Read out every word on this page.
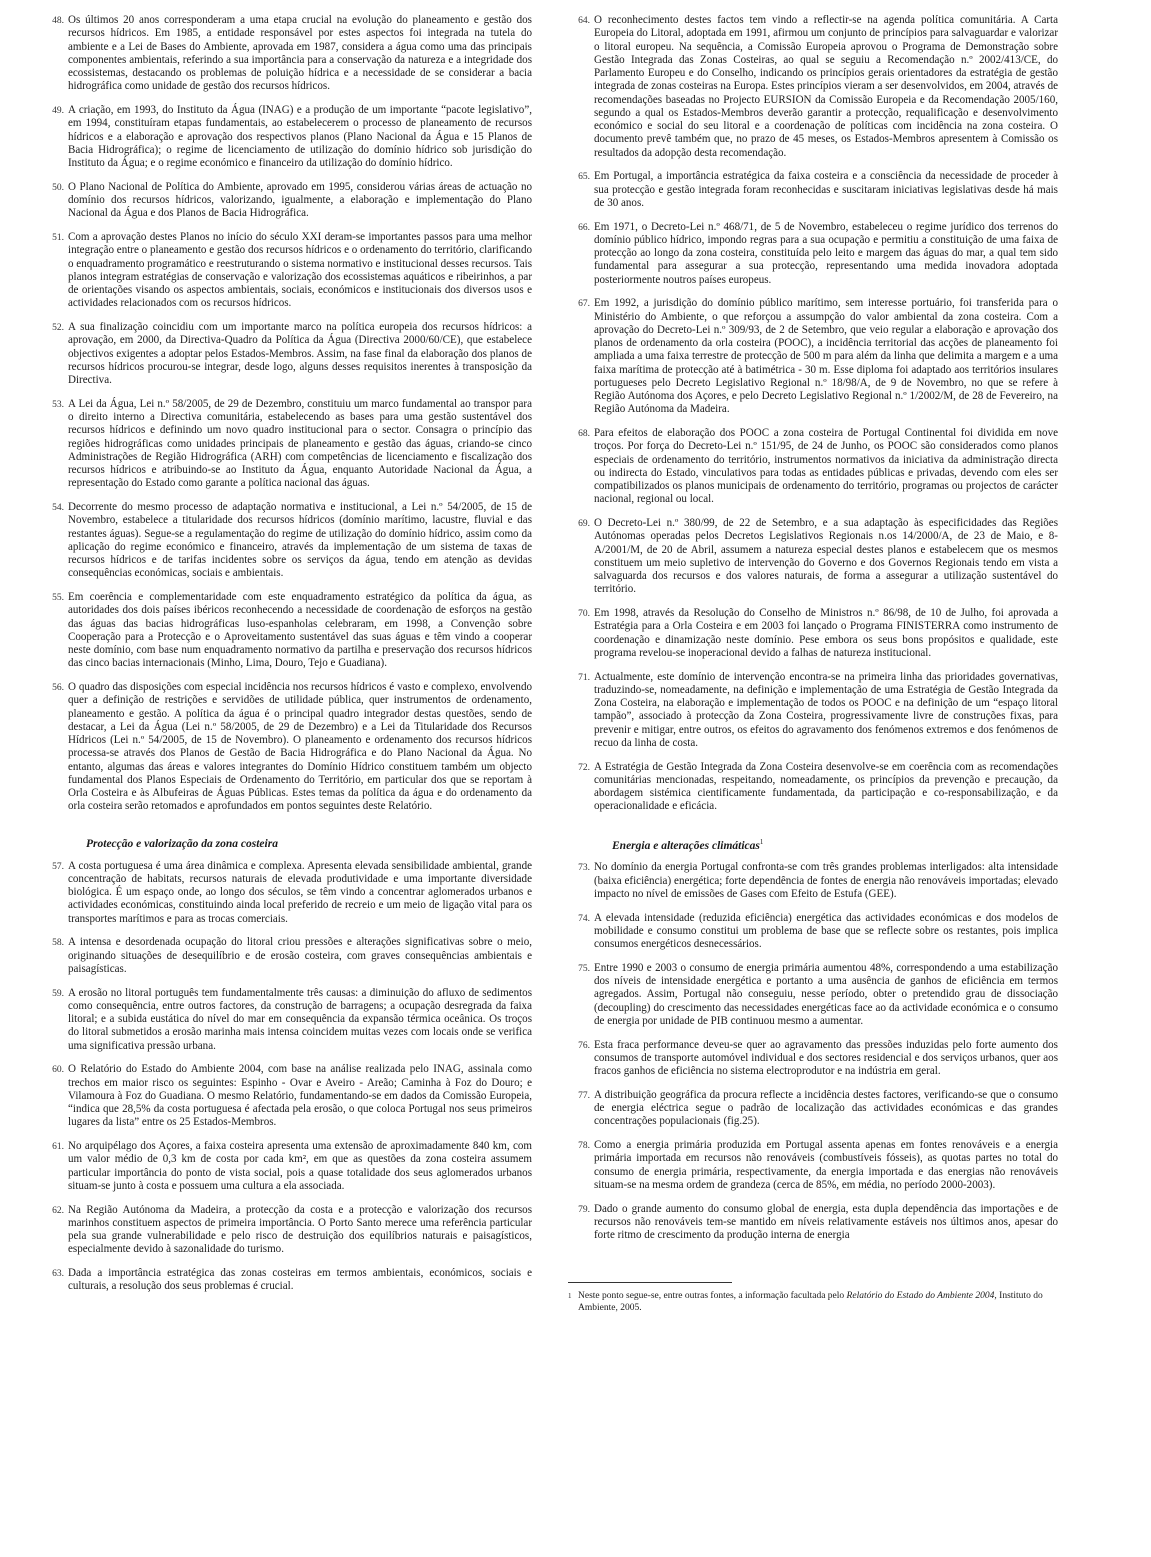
48. Os últimos 20 anos corresponderam a uma etapa crucial na evolução do planeamento e gestão dos recursos hídricos. Em 1985, a entidade responsável por estes aspectos foi integrada na tutela do ambiente e a Lei de Bases do Ambiente, aprovada em 1987, considera a água como uma das principais componentes ambientais, referindo a sua importância para a conservação da natureza e a integridade dos ecossistemas, destacando os problemas de poluição hídrica e a necessidade de se considerar a bacia hidrográfica como unidade de gestão dos recursos hídricos.
49. A criação, em 1993, do Instituto da Água (INAG) e a produção de um importante “pacote legislativo”, em 1994, constituíram etapas fundamentais, ao estabelecerem o processo de planeamento de recursos hídricos e a elaboração e aprovação dos respectivos planos (Plano Nacional da Água e 15 Planos de Bacia Hidrográfica); o regime de licenciamento de utilização do domínio hídrico sob jurisdição do Instituto da Água; e o regime económico e financeiro da utilização do domínio hídrico.
50. O Plano Nacional de Política do Ambiente, aprovado em 1995, considerou várias áreas de actuação no domínio dos recursos hídricos, valorizando, igualmente, a elaboração e implementação do Plano Nacional da Água e dos Planos de Bacia Hidrográfica.
51. Com a aprovação destes Planos no início do século XXI deram-se importantes passos para uma melhor integração entre o planeamento e gestão dos recursos hídricos e o ordenamento do território, clarificando o enquadramento programático e reestruturando o sistema normativo e institucional desses recursos. Tais planos integram estratégias de conservação e valorização dos ecossistemas aquáticos e ribeirinhos, a par de orientações visando os aspectos ambientais, sociais, económicos e institucionais dos diversos usos e actividades relacionados com os recursos hídricos.
52. A sua finalização coincidiu com um importante marco na política europeia dos recursos hídricos: a aprovação, em 2000, da Directiva-Quadro da Política da Água (Directiva 2000/60/CE), que estabelece objectivos exigentes a adoptar pelos Estados-Membros. Assim, na fase final da elaboração dos planos de recursos hídricos procurou-se integrar, desde logo, alguns desses requisitos inerentes à transposição da Directiva.
53. A Lei da Água, Lei n.º 58/2005, de 29 de Dezembro, constituiu um marco fundamental ao transpor para o direito interno a Directiva comunitária, estabelecendo as bases para uma gestão sustentável dos recursos hídricos e definindo um novo quadro institucional para o sector. Consagra o princípio das regiões hidrográficas como unidades principais de planeamento e gestão das águas, criando-se cinco Administrações de Região Hidrográfica (ARH) com competências de licenciamento e fiscalização dos recursos hídricos e atribuindo-se ao Instituto da Água, enquanto Autoridade Nacional da Água, a representação do Estado como garante a política nacional das águas.
54. Decorrente do mesmo processo de adaptação normativa e institucional, a Lei n.º 54/2005, de 15 de Novembro, estabelece a titularidade dos recursos hídricos (domínio marítimo, lacustre, fluvial e das restantes águas). Segue-se a regulamentação do regime de utilização do domínio hídrico, assim como da aplicação do regime económico e financeiro, através da implementação de um sistema de taxas de recursos hídricos e de tarifas incidentes sobre os serviços da água, tendo em atenção as devidas consequências económicas, sociais e ambientais.
55. Em coerência e complementaridade com este enquadramento estratégico da política da água, as autoridades dos dois países ibéricos reconhecendo a necessidade de coordenação de esforços na gestão das águas das bacias hidrográficas luso-espanholas celebraram, em 1998, a Convenção sobre Cooperação para a Protecção e o Aproveitamento sustentável das suas águas e têm vindo a cooperar neste domínio, com base num enquadramento normativo da partilha e preservação dos recursos hídricos das cinco bacias internacionais (Minho, Lima, Douro, Tejo e Guadiana).
56. O quadro das disposições com especial incidência nos recursos hídricos é vasto e complexo, envolvendo quer a definição de restrições e servidões de utilidade pública, quer instrumentos de ordenamento, planeamento e gestão. A política da água é o principal quadro integrador destas questões, sendo de destacar, a Lei da Água (Lei n.º 58/2005, de 29 de Dezembro) e a Lei da Titularidade dos Recursos Hídricos (Lei n.º 54/2005, de 15 de Novembro). O planeamento e ordenamento dos recursos hídricos processa-se através dos Planos de Gestão de Bacia Hidrográfica e do Plano Nacional da Água. No entanto, algumas das áreas e valores integrantes do Domínio Hídrico constituem também um objecto fundamental dos Planos Especiais de Ordenamento do Território, em particular dos que se reportam à Orla Costeira e às Albufeiras de Águas Públicas. Estes temas da política da água e do ordenamento da orla costeira serão retomados e aprofundados em pontos seguintes deste Relatório.
Protecção e valorização da zona costeira
57. A costa portuguesa é uma área dinâmica e complexa. Apresenta elevada sensibilidade ambiental, grande concentração de habitats, recursos naturais de elevada produtividade e uma importante diversidade biológica. É um espaço onde, ao longo dos séculos, se têm vindo a concentrar aglomerados urbanos e actividades económicas, constituindo ainda local preferido de recreio e um meio de ligação vital para os transportes marítimos e para as trocas comerciais.
58. A intensa e desordenada ocupação do litoral criou pressões e alterações significativas sobre o meio, originando situações de desequilíbrio e de erosão costeira, com graves consequências ambientais e paisagísticas.
59. A erosão no litoral português tem fundamentalmente três causas: a diminuição do afluxo de sedimentos como consequência, entre outros factores, da construção de barragens; a ocupação desregrada da faixa litoral; e a subida eustática do nível do mar em consequência da expansão térmica oceânica. Os troços do litoral submetidos a erosão marinha mais intensa coincidem muitas vezes com locais onde se verifica uma significativa pressão urbana.
60. O Relatório do Estado do Ambiente 2004, com base na análise realizada pelo INAG, assinala como trechos em maior risco os seguintes: Espinho - Ovar e Aveiro - Areão; Caminha à Foz do Douro; e Vilamoura à Foz do Guadiana. O mesmo Relatório, fundamentando-se em dados da Comissão Europeia, “indica que 28,5% da costa portuguesa é afectada pela erosão, o que coloca Portugal nos seus primeiros lugares da lista” entre os 25 Estados-Membros.
61. No arquipélago dos Açores, a faixa costeira apresenta uma extensão de aproximadamente 840 km, com um valor médio de 0,3 km de costa por cada km², em que as questões da zona costeira assumem particular importância do ponto de vista social, pois a quase totalidade dos seus aglomerados urbanos situam-se junto à costa e possuem uma cultura a ela associada.
62. Na Região Autónoma da Madeira, a protecção da costa e a protecção e valorização dos recursos marinhos constituem aspectos de primeira importância. O Porto Santo merece uma referência particular pela sua grande vulnerabilidade e pelo risco de destruição dos equilíbrios naturais e paisagísticos, especialmente devido à sazonalidade do turismo.
63. Dada a importância estratégica das zonas costeiras em termos ambientais, económicos, sociais e culturais, a resolução dos seus problemas é crucial.
64. O reconhecimento destes factos tem vindo a reflectir-se na agenda política comunitária. A Carta Europeia do Litoral, adoptada em 1991, afirmou um conjunto de princípios para salvaguardar e valorizar o litoral europeu. Na sequência, a Comissão Europeia aprovou o Programa de Demonstração sobre Gestão Integrada das Zonas Costeiras, ao qual se seguiu a Recomendação n.º 2002/413/CE, do Parlamento Europeu e do Conselho, indicando os princípios gerais orientadores da estratégia de gestão integrada de zonas costeiras na Europa. Estes princípios vieram a ser desenvolvidos, em 2004, através de recomendações baseadas no Projecto EURSION da Comissão Europeia e da Recomendação 2005/160, segundo a qual os Estados-Membros deverão garantir a protecção, requalificação e desenvolvimento económico e social do seu litoral e a coordenação de políticas com incidência na zona costeira. O documento prevê também que, no prazo de 45 meses, os Estados-Membros apresentem à Comissão os resultados da adopção desta recomendação.
65. Em Portugal, a importância estratégica da faixa costeira e a consciência da necessidade de proceder à sua protecção e gestão integrada foram reconhecidas e suscitaram iniciativas legislativas desde há mais de 30 anos.
66. Em 1971, o Decreto-Lei n.º 468/71, de 5 de Novembro, estabeleceu o regime jurídico dos terrenos do domínio público hídrico, impondo regras para a sua ocupação e permitiu a constituição de uma faixa de protecção ao longo da zona costeira, constituída pelo leito e margem das águas do mar, a qual tem sido fundamental para assegurar a sua protecção, representando uma medida inovadora adoptada posteriormente noutros países europeus.
67. Em 1992, a jurisdição do domínio público marítimo, sem interesse portuário, foi transferida para o Ministério do Ambiente, o que reforçou a assumpção do valor ambiental da zona costeira. Com a aprovação do Decreto-Lei n.º 309/93, de 2 de Setembro, que veio regular a elaboração e aprovação dos planos de ordenamento da orla costeira (POOC), a incidência territorial das acções de planeamento foi ampliada a uma faixa terrestre de protecção de 500 m para além da linha que delimita a margem e a uma faixa marítima de protecção até à batimétrica - 30 m. Esse diploma foi adaptado aos territórios insulares portugueses pelo Decreto Legislativo Regional n.º 18/98/A, de 9 de Novembro, no que se refere à Região Autónoma dos Açores, e pelo Decreto Legislativo Regional n.º 1/2002/M, de 28 de Fevereiro, na Região Autónoma da Madeira.
68. Para efeitos de elaboração dos POOC a zona costeira de Portugal Continental foi dividida em nove troços. Por força do Decreto-Lei n.º 151/95, de 24 de Junho, os POOC são considerados como planos especiais de ordenamento do território, instrumentos normativos da iniciativa da administração directa ou indirecta do Estado, vinculativos para todas as entidades públicas e privadas, devendo com eles ser compatibilizados os planos municipais de ordenamento do território, programas ou projectos de carácter nacional, regional ou local.
69. O Decreto-Lei n.º 380/99, de 22 de Setembro, e a sua adaptação às especificidades das Regiões Autónomas operadas pelos Decretos Legislativos Regionais n.os 14/2000/A, de 23 de Maio, e 8-A/2001/M, de 20 de Abril, assumem a natureza especial destes planos e estabelecem que os mesmos constituem um meio supletivo de intervenção do Governo e dos Governos Regionais tendo em vista a salvaguarda dos recursos e dos valores naturais, de forma a assegurar a utilização sustentável do território.
70. Em 1998, através da Resolução do Conselho de Ministros n.º 86/98, de 10 de Julho, foi aprovada a Estratégia para a Orla Costeira e em 2003 foi lançado o Programa FINISTERRA como instrumento de coordenação e dinamização neste domínio. Pese embora os seus bons propósitos e qualidade, este programa revelou-se inoperacional devido a falhas de natureza institucional.
71. Actualmente, este domínio de intervenção encontra-se na primeira linha das prioridades governativas, traduzindo-se, nomeadamente, na definição e implementação de uma Estratégia de Gestão Integrada da Zona Costeira, na elaboração e implementação de todos os POOC e na definição de um “espaço litoral tampão”, associado à protecção da Zona Costeira, progressivamente livre de construções fixas, para prevenir e mitigar, entre outros, os efeitos do agravamento dos fenómenos extremos e dos fenómenos de recuo da linha de costa.
72. A Estratégia de Gestão Integrada da Zona Costeira desenvolve-se em coerência com as recomendações comunitárias mencionadas, respeitando, nomeadamente, os princípios da prevenção e precaução, da abordagem sistémica cientificamente fundamentada, da participação e co-responsabilização, e da operacionalidade e eficácia.
Energia e alterações climáticas$^1$
73. No domínio da energia Portugal confronta-se com três grandes problemas interligados: alta intensidade (baixa eficiência) energética; forte dependência de fontes de energia não renováveis importadas; elevado impacto no nível de emissões de Gases com Efeito de Estufa (GEE).
74. A elevada intensidade (reduzida eficiência) energética das actividades económicas e dos modelos de mobilidade e consumo constitui um problema de base que se reflecte sobre os restantes, pois implica consumos energéticos desnecessários.
75. Entre 1990 e 2003 o consumo de energia primária aumentou 48%, correspondendo a uma estabilização dos níveis de intensidade energética e portanto a uma ausência de ganhos de eficiência em termos agregados. Assim, Portugal não conseguiu, nesse período, obter o pretendido grau de dissociação (decoupling) do crescimento das necessidades energéticas face ao da actividade económica e o consumo de energia por unidade de PIB continuou mesmo a aumentar.
76. Esta fraca performance deveu-se quer ao agravamento das pressões induzidas pelo forte aumento dos consumos de transporte automóvel individual e dos sectores residencial e dos serviços urbanos, quer aos fracos ganhos de eficiência no sistema electroprodutor e na indústria em geral.
77. A distribuição geográfica da procura reflecte a incidência destes factores, verificando-se que o consumo de energia eléctrica segue o padrão de localização das actividades económicas e das grandes concentrações populacionais (fig.25).
78. Como a energia primária produzida em Portugal assenta apenas em fontes renováveis e a energia primária importada em recursos não renováveis (combustíveis fósseis), as quotas partes no total do consumo de energia primária, respectivamente, da energia importada e das energias não renováveis situam-se na mesma ordem de grandeza (cerca de 85%, em média, no período 2000-2003).
79. Dado o grande aumento do consumo global de energia, esta dupla dependência das importações e de recursos não renováveis tem-se mantido em níveis relativamente estáveis nos últimos anos, apesar do forte ritmo de crescimento da produção interna de energia
1 Neste ponto segue-se, entre outras fontes, a informação facultada pelo Relatório do Estado do Ambiente 2004, Instituto do Ambiente, 2005.
